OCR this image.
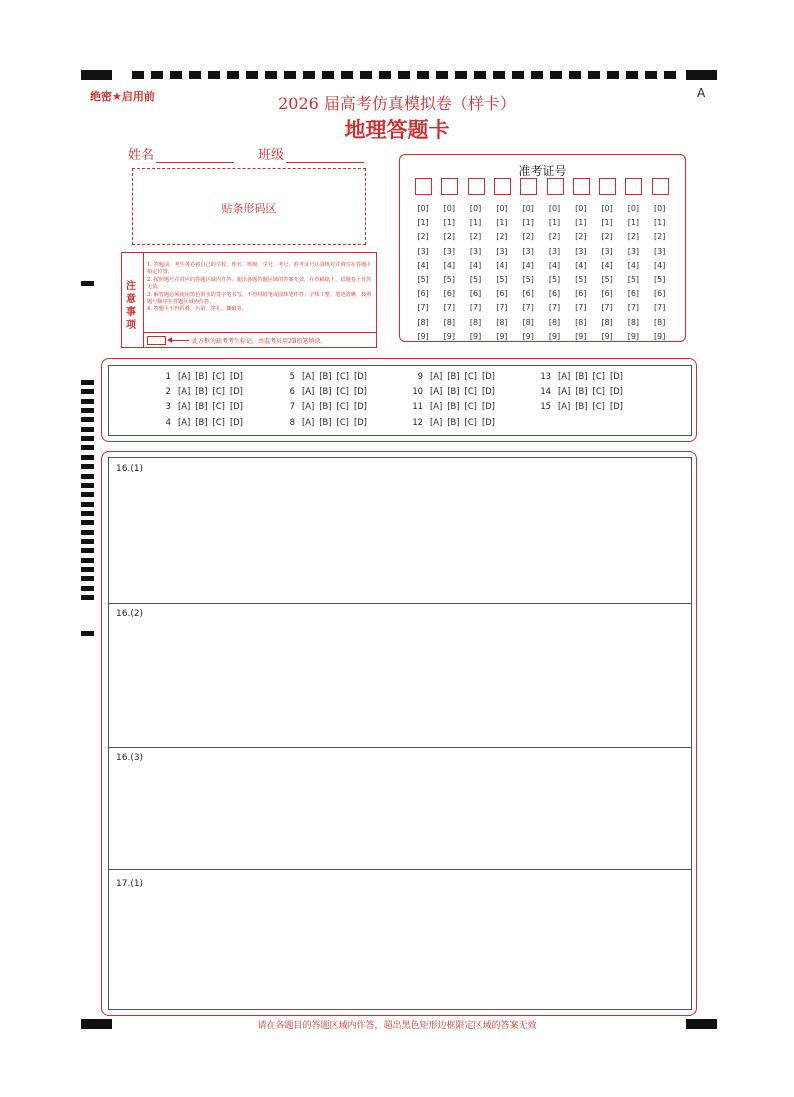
绝密★启用前	A
2026 届高考仿真模拟卷（样卡）
地理答题卡
姓名	班级
贴条形码区
注
意
事
项
1. 答题前，考生务必将自己的学校、姓名、班级、学号、考号、准考证号认真核对并填写在答题卡指定位置。
2. 按照题号在对应的答题区域内作答，超出各题答题区域的答案无效，在草稿纸上、试题卷上作答无效。
3. 解答题必须使用黑色墨水的签字笔书写，不得用铅笔或圆珠笔作答；字体工整、笔迹清晰，按照题号顺序在答题区域内作答。
4. 答题卡不得折叠、污染、穿孔、撕破等。
此方框为缺考考生标记，由监考员用2B铅笔填涂。
准考证号
[0]
[1]
[2]
[3]
[4]
[5]
[6]
[7]
[8]
[9]
[0]
[1]
[2]
[3]
[4]
[5]
[6]
[7]
[8]
[9]
[0]
[1]
[2]
[3]
[4]
[5]
[6]
[7]
[8]
[9]
[0]
[1]
[2]
[3]
[4]
[5]
[6]
[7]
[8]
[9]
[0]
[1]
[2]
[3]
[4]
[5]
[6]
[7]
[8]
[9]
[0]
[1]
[2]
[3]
[4]
[5]
[6]
[7]
[8]
[9]
[0]
[1]
[2]
[3]
[4]
[5]
[6]
[7]
[8]
[9]
[0]
[1]
[2]
[3]
[4]
[5]
[6]
[7]
[8]
[9]
[0]
[1]
[2]
[3]
[4]
[5]
[6]
[7]
[8]
[9]
[0]
[1]
[2]
[3]
[4]
[5]
[6]
[7]
[8]
[9]
1 [A] [B] [C] [D]
2 [A] [B] [C] [D]
3 [A] [B] [C] [D]
4 [A] [B] [C] [D]
5 [A] [B] [C] [D]
6 [A] [B] [C] [D]
7 [A] [B] [C] [D]
8 [A] [B] [C] [D]
9 [A] [B] [C] [D]
10 [A] [B] [C] [D]
11 [A] [B] [C] [D]
12 [A] [B] [C] [D]
13 [A] [B] [C] [D]
14 [A] [B] [C] [D]
15 [A] [B] [C] [D]
16.(1)
16.(2)
16.(3)
17.(1)
请在各题目的答题区域内作答，超出黑色矩形边框限定区域的答案无效
